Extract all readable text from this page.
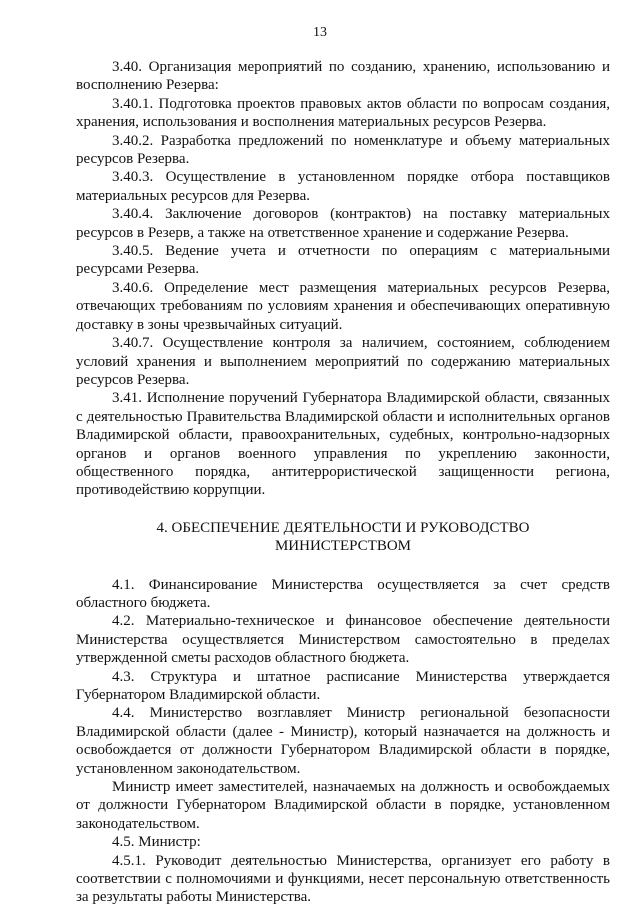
13

3.40. Организация мероприятий по созданию, хранению, использованию и восполнению Резерва:

3.40.1. Подготовка проектов правовых актов области по вопросам создания, хранения, использования и восполнения материальных ресурсов Резерва.

3.40.2. Разработка предложений по номенклатуре и объему материальных ресурсов Резерва.

3.40.3. Осуществление в установленном порядке отбора поставщиков материальных ресурсов для Резерва.

3.40.4. Заключение договоров (контрактов) на поставку материальных ресурсов в Резерв, а также на ответственное хранение и содержание Резерва.

3.40.5. Ведение учета и отчетности по операциям с материальными ресурсами Резерва.

3.40.6. Определение мест размещения материальных ресурсов Резерва, отвечающих требованиям по условиям хранения и обеспечивающих оперативную доставку в зоны чрезвычайных ситуаций.

3.40.7. Осуществление контроля за наличием, состоянием, соблюдением условий хранения и выполнением мероприятий по содержанию материальных ресурсов Резерва.

3.41. Исполнение поручений Губернатора Владимирской области, связанных с деятельностью Правительства Владимирской области и исполнительных органов Владимирской области, правоохранительных, судебных, контрольно-надзорных органов и органов военного управления по укреплению законности, общественного порядка, антитеррористической защищенности региона, противодействию коррупции.

4. ОБЕСПЕЧЕНИЕ ДЕЯТЕЛЬНОСТИ И РУКОВОДСТВО
МИНИСТЕРСТВОМ

4.1. Финансирование Министерства осуществляется за счет средств областного бюджета.

4.2. Материально-техническое и финансовое обеспечение деятельности Министерства осуществляется Министерством самостоятельно в пределах утвержденной сметы расходов областного бюджета.

4.3. Структура и штатное расписание Министерства утверждается Губернатором Владимирской области.

4.4. Министерство возглавляет Министр региональной безопасности Владимирской области (далее - Министр), который назначается на должность и освобождается от должности Губернатором Владимирской области в порядке, установленном законодательством.

Министр имеет заместителей, назначаемых на должность и освобождаемых от должности Губернатором Владимирской области в порядке, установленном законодательством.

4.5. Министр:

4.5.1. Руководит деятельностью Министерства, организует его работу в соответствии с полномочиями и функциями, несет персональную ответственность за результаты работы Министерства.
